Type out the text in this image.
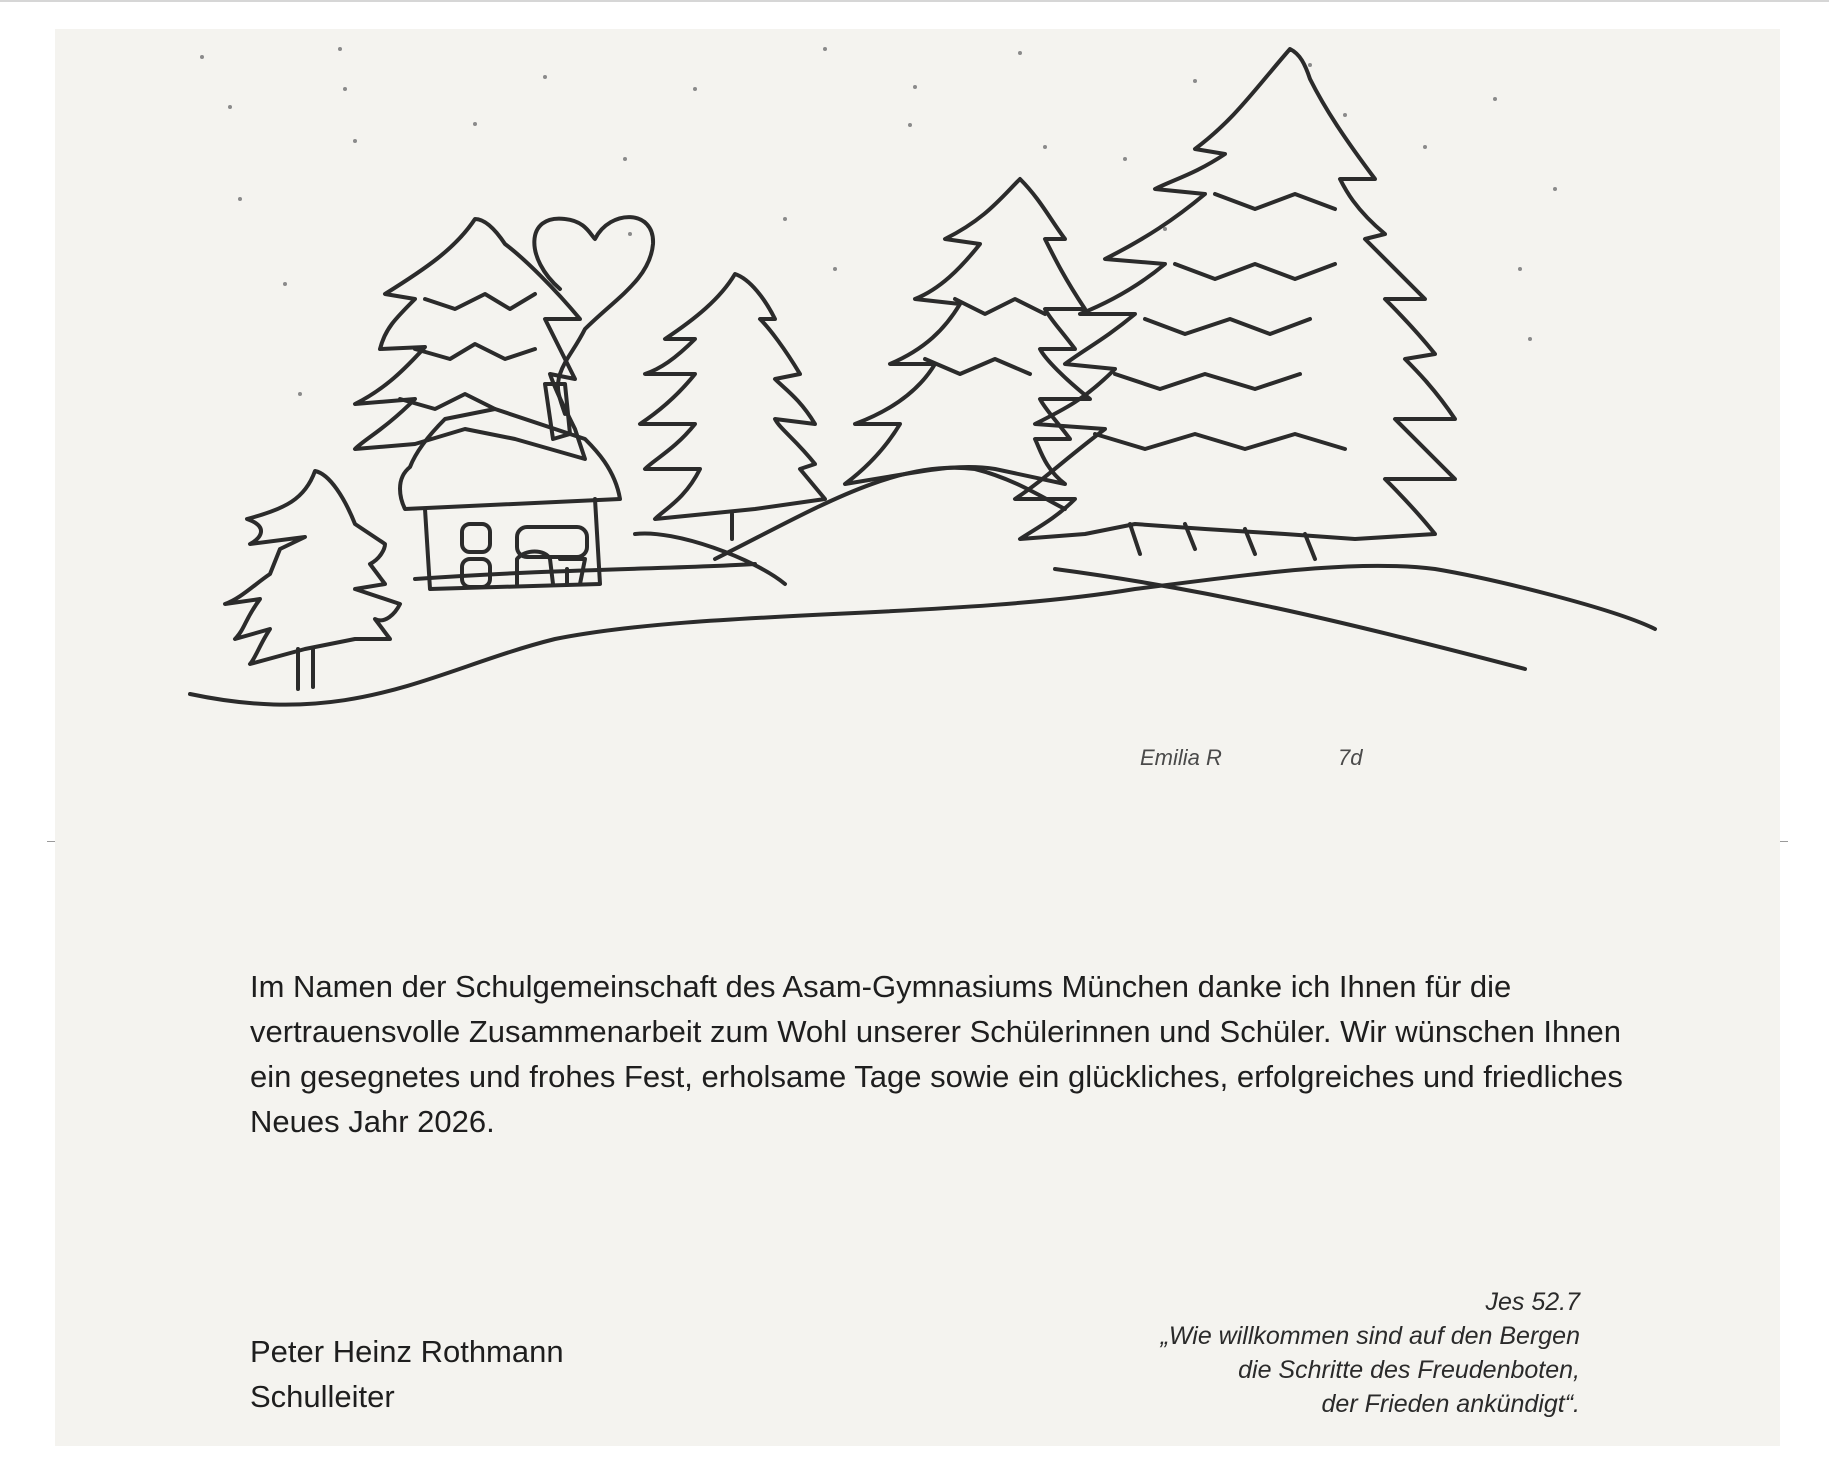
Emilia R	7d
Im Namen der Schulgemeinschaft des Asam-Gymnasiums München danke ich Ihnen für die vertrauensvolle Zusammenarbeit zum Wohl unserer Schülerinnen und Schüler. Wir wünschen Ihnen ein gesegnetes und frohes Fest, erholsame Tage sowie ein glückliches, erfolgreiches und friedliches Neues Jahr 2026.
Peter Heinz Rothmann
Schulleiter
Jes 52.7
„Wie willkommen sind auf den Bergen
die Schritte des Freudenboten,
der Frieden ankündigt“.
